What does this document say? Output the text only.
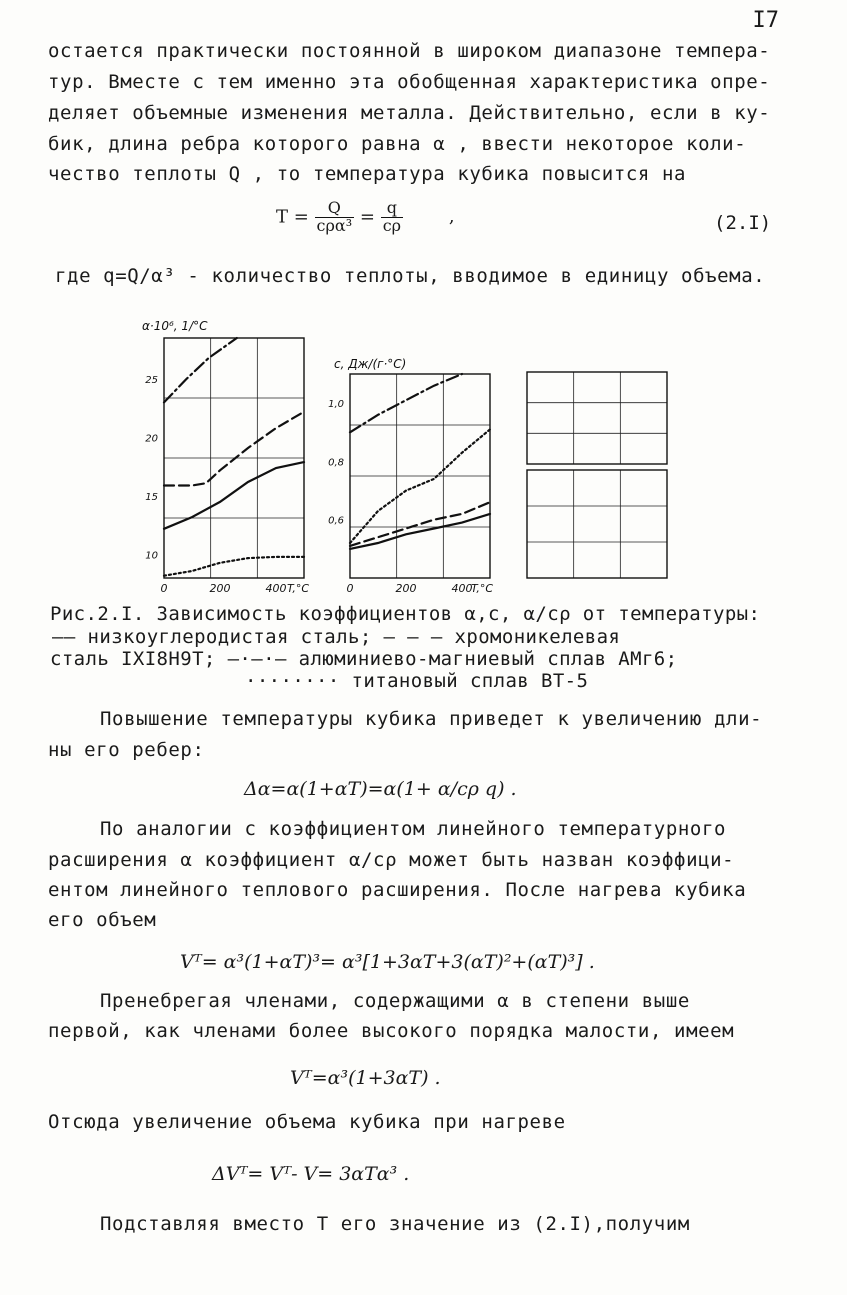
I7
остается практически постоянной в широком диапазоне темпера-
тур. Вместе с тем именно эта обобщенная характеристика опре-
деляет объемные изменения металла. Действительно, если в ку-
бик, длина ребра которого равна α , ввести некоторое коли-
чество теплоты Q , то температура кубика повысится на
$T = \frac{Q}{\text{cρα³}} = \frac{q}{c\rho}$	,	(2.I)
где q=Q/α³ - количество теплоты, вводимое в единицу объема.
10
15
20
25
0	200	400
α·10⁶, 1/°C
T,°C
0,6
0,8
1,0
0	200	400
c, Дж/(г·°C)
T,°C
Рис.2.I. Зависимость коэффициентов α,c, α/cρ от температуры:
—— низкоуглеродистая сталь; — — — хромоникелевая
сталь IXI8H9T; —·—·— алюминиево-магниевый сплав АМг6;
········ титановый сплав ВТ-5
Повышение температуры кубика приведет к увеличению дли-
ны его ребер:
Δα=α(1+αT)=α(1+ α/cρ q) .
По аналогии с коэффициентом линейного температурного
расширения α коэффициент α/cρ может быть назван коэффици-
ентом линейного теплового расширения. После нагрева кубика
его объем
Vᵀ= α³(1+αT)³= α³[1+3αT+3(αT)²+(αT)³] .
Пренебрегая членами, содержащими α в степени выше
первой, как членами более высокого порядка малости, имеем
Vᵀ=α³(1+3αT) .
Отсюда увеличение объема кубика при нагреве
ΔVᵀ= Vᵀ- V= 3αTα³ .
Подставляя вместо T его значение из (2.I),получим
